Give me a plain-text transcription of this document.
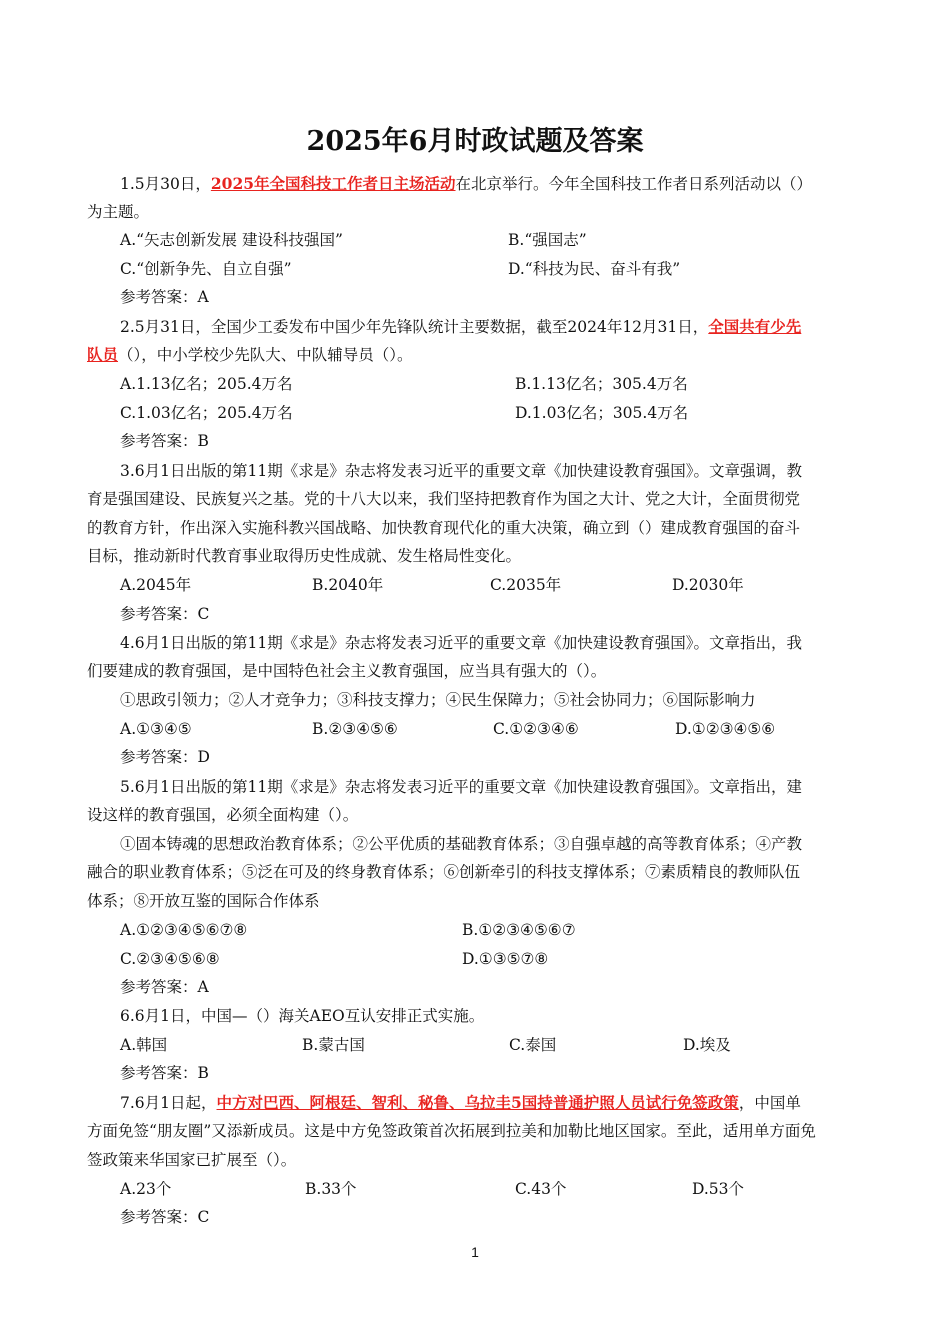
2025年6月时政试题及答案
1.5月30日，2025年全国科技工作者日主场活动在北京举行。今年全国科技工作者日系列活动以（）
为主题。
A.“矢志创新发展 建设科技强国”	B.“强国志”
C.“创新争先、自立自强”	D.“科技为民、奋斗有我”
参考答案：A
2.5月31日，全国少工委发布中国少年先锋队统计主要数据，截至2024年12月31日，全国共有少先
队员（），中小学校少先队大、中队辅导员（）。
A.1.13亿名；205.4万名	B.1.13亿名；305.4万名
C.1.03亿名；205.4万名	D.1.03亿名；305.4万名
参考答案：B
3.6月1日出版的第11期《求是》杂志将发表习近平的重要文章《加快建设教育强国》。文章强调，教
育是强国建设、民族复兴之基。党的十八大以来，我们坚持把教育作为国之大计、党之大计，全面贯彻党
的教育方针，作出深入实施科教兴国战略、加快教育现代化的重大决策，确立到（）建成教育强国的奋斗
目标，推动新时代教育事业取得历史性成就、发生格局性变化。
A.2045年	B.2040年	C.2035年	D.2030年
参考答案：C
4.6月1日出版的第11期《求是》杂志将发表习近平的重要文章《加快建设教育强国》。文章指出，我
们要建成的教育强国，是中国特色社会主义教育强国，应当具有强大的（）。
①思政引领力；②人才竞争力；③科技支撑力；④民生保障力；⑤社会协同力；⑥国际影响力
A.①③④⑤	B.②③④⑤⑥	C.①②③④⑥	D.①②③④⑤⑥
参考答案：D
5.6月1日出版的第11期《求是》杂志将发表习近平的重要文章《加快建设教育强国》。文章指出，建
设这样的教育强国，必须全面构建（）。
①固本铸魂的思想政治教育体系；②公平优质的基础教育体系；③自强卓越的高等教育体系；④产教
融合的职业教育体系；⑤泛在可及的终身教育体系；⑥创新牵引的科技支撑体系；⑦素质精良的教师队伍
体系；⑧开放互鉴的国际合作体系
A.①②③④⑤⑥⑦⑧	B.①②③④⑤⑥⑦
C.②③④⑤⑥⑧	D.①③⑤⑦⑧
参考答案：A
6.6月1日，中国—（）海关AEO互认安排正式实施。
A.韩国	B.蒙古国	C.泰国	D.埃及
参考答案：B
7.6月1日起，中方对巴西、阿根廷、智利、秘鲁、乌拉圭5国持普通护照人员试行免签政策，中国单
方面免签“朋友圈”又添新成员。这是中方免签政策首次拓展到拉美和加勒比地区国家。至此，适用单方面免
签政策来华国家已扩展至（）。
A.23个	B.33个	C.43个	D.53个
参考答案：C
1
